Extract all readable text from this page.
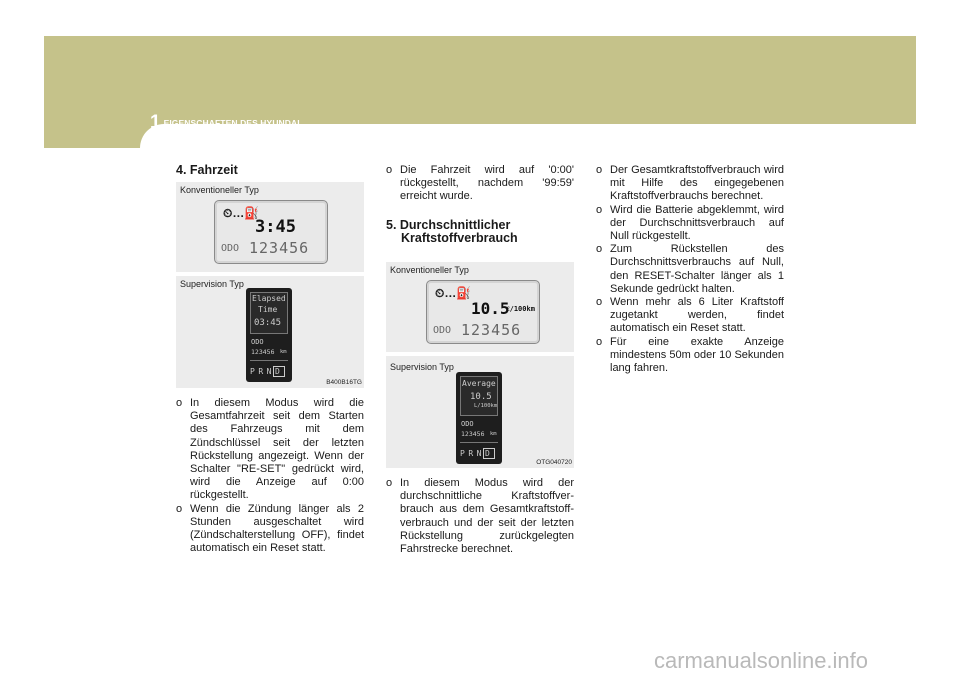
1 EIGENSCHAFTEN DES HYUNDAI
84
4. Fahrzeit
Konventioneller Typ
⏲…⛽
3:45
ODO 123456
Supervision Typ
Elapsed
Time
03:45
ODO
123456 km
PRND
B400B16TG
o In diesem Modus wird die Gesamtfahrzeit seit dem Starten des Fahrzeugs mit dem Zündschlüssel seit der letzten Rückstellung angezeigt. Wenn der Schalter "RE-SET" gedrückt wird, wird die Anzeige auf 0:00 rückgestellt.
o Wenn die Zündung länger als 2 Stunden ausgeschaltet wird (Zündschalterstellung OFF), findet automatisch ein Reset statt.
o Die Fahrzeit wird auf '0:00' rückgestellt, nachdem '99:59' erreicht wurde.
5. Durchschnittlicher
Kraftstoffverbrauch
Konventioneller Typ
⏲…⛽
10.5
ℓ/100km
ODO 123456
Supervision Typ
Average
10.5
L/100km
ODO
123456 km
PRND
OTG040720
o In diesem Modus wird der durchschnittliche Kraftstoffver-brauch aus dem Gesamtkraftstoff-verbrauch und der seit der letzten Rückstellung zurückgelegten Fahrstrecke berechnet.
o Der Gesamtkraftstoffverbrauch wird mit Hilfe des eingegebenen Kraftstoffverbrauchs berechnet.
o Wird die Batterie abgeklemmt, wird der Durchschnittsverbrauch auf Null rückgestellt.
o Zum Rückstellen des Durchschnittsverbrauchs auf Null, den RESET-Schalter länger als 1 Sekunde gedrückt halten.
o Wenn mehr als 6 Liter Kraftstoff zugetankt werden, findet automatisch ein Reset statt.
o Für eine exakte Anzeige mindestens 50m oder 10 Sekunden lang fahren.
carmanualsonline.info
